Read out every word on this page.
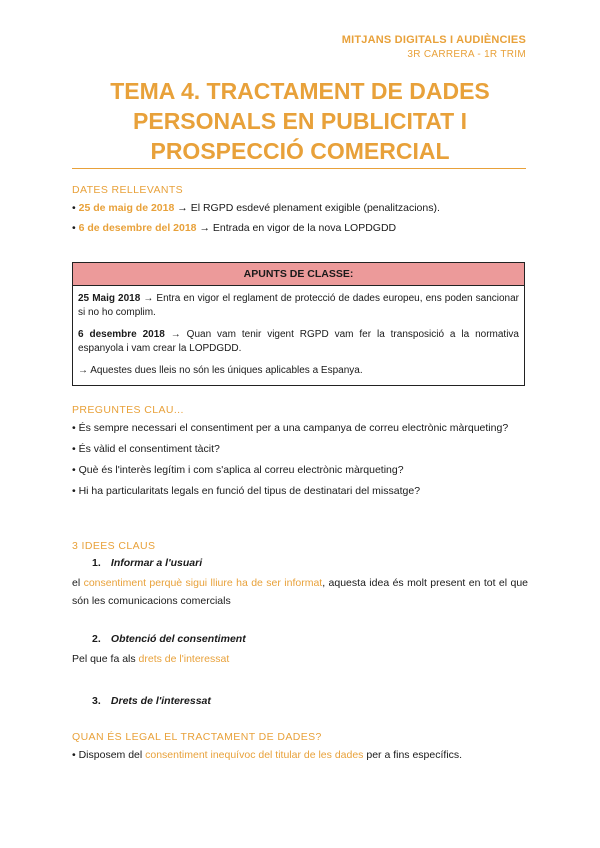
MITJANS DIGITALS I AUDIÈNCIES
3R CARRERA - 1R TRIM
TEMA 4. TRACTAMENT DE DADES
PERSONALS EN PUBLICITAT I
PROSPECCIÓ COMERCIAL
DATES RELLEVANTS
• 25 de maig de 2018 → El RGPD esdevé plenament exigible (penalitzacions).
• 6 de desembre del 2018 → Entrada en vigor de la nova LOPDGDD
APUNTS DE CLASSE:

25 Maig 2018 → Entra en vigor el reglament de protecció de dades europeu, ens poden sancionar si no ho complim.

6 desembre 2018 → Quan vam tenir vigent RGPD vam fer la transposició a la normativa espanyola i vam crear la LOPDGDD.

→ Aquestes dues lleis no són les úniques aplicables a Espanya.

PREGUNTES CLAU...
• És sempre necessari el consentiment per a una campanya de correu electrònic màrqueting?
• És vàlid el consentiment tàcit?
• Què és l'interès legítim i com s'aplica al correu electrònic màrqueting?
• Hi ha particularitats legals en funció del tipus de destinatari del missatge?
3 IDEES CLAUS
1. Informar a l'usuari
el consentiment perquè sigui lliure ha de ser informat, aquesta idea és molt present en tot el que són les comunicacions comercials
2. Obtenció del consentiment
Pel que fa als drets de l'interessat
3. Drets de l'interessat
QUAN ÉS LEGAL EL TRACTAMENT DE DADES?
• Disposem del consentiment inequívoc del titular de les dades per a fins específics.
